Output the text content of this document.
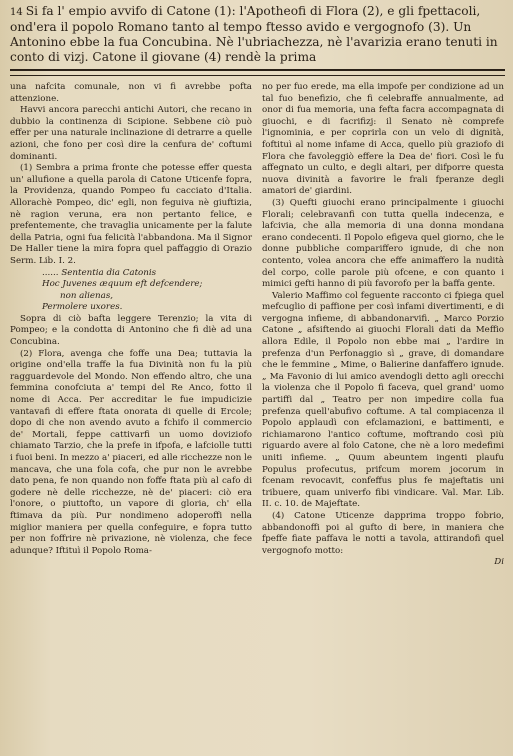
14 Si fa l' empio avvifo di Catone (1): l'Apotheofi di Flora (2), e gli fpettacoli, ond'era il popolo Romano tanto al tempo ftesso avido e vergognofo (3). Un Antonino ebbe la fua Concubina. Nè l'ubriachezza, nè l'avarizia erano tenuti in conto di vizj. Catone il giovane (4) rendè la prima

una nafcita comunale, non vi fi avrebbe pofta attenzione.

Havvi ancora parecchi antichi Autori, che recano in dubbio la continenza di Scipione. Sebbene ciò può effer per una naturale inclinazione di detrarre a quelle azioni, che fono per così dire la cenfura de' coftumi dominanti.

(1) Sembra a prima fronte che potesse effer questa un' allufione a quella parola di Catone Uticenfe fopra, la Providenza, quando Pompeo fu cacciato d'Italia. Allorachè Pompeo, dic' egli, non feguiva nè giuftizia, nè ragion veruna, era non pertanto felice, e prefentemente, che travaglia unicamente per la falute della Patria, ogni fua felicità l'abbandona. Ma il Signor De Haller tiene la mira fopra quel paffaggio di Orazio Serm. Lib. I. 2.

...... Sententia dia Catonis
Hoc Juvenes æquum eft defcendere;
non alienas,
Permolere uxores.

Sopra di ciò bafta leggere Terenzio; la vita di Pompeo; e la condotta di Antonino che fi diè ad una Concubina.

(2) Flora, avenga che foffe una Dea; tuttavia la origine ond'ella traffe la fua Divinità non fu la più ragguardevole del Mondo. Non effendo altro, che una femmina conofciuta a' tempi del Re Anco, fotto il nome di Acca. Per accreditar le fue impudicizie vantavafi di effere ftata onorata di quelle di Ercole; dopo di che non avendo avuto a fchifo il commercio de' Mortali, feppe cattivarfi un uomo doviziofo chiamato Tarzio, che la prefe in ifpofa, e lafciolle tutti i fuoi beni. In mezzo a' piaceri, ed alle ricchezze non le mancava, che una fola cofa, che pur non le avrebbe dato pena, fe non quando non foffe ftata più al cafo di godere nè delle ricchezze, nè de' piaceri: ciò era l'onore, o piuttofto, un vapore di gloria, ch' ella ftimava da più. Pur nondimeno adoperoffi nella miglior maniera per quella confeguire, e fopra tutto per non foffrire nè privazione, nè violenza, che fece adunque? Iftituì il Popolo Roma-

no per fuo erede, ma ella impofe per condizione ad un tal fuo benefizio, che fi celebraffe annualmente, ad onor di fua memoria, una fefta facra accompagnata di giuochi, e di facrifizj: il Senato nè comprefe l'ignominia, e per coprirla con un velo di dignità, foftituì al nome infame di Acca, quello più graziofo di Flora che favoleggiò effere la Dea de' fiori. Così le fu affegnato un culto, e degli altari, per difporre questa nuova divinità a favorire le frali fperanze degli amatori de' giardini.

(3) Quefti giuochi erano principalmente i giuochi Florali; celebravanfi con tutta quella indecenza, e lafcivia, che alla memoria di una donna mondana erano condecenti. Il Popolo efigeva quel giorno, che le donne pubbliche compariffero ignude, di che non contento, volea ancora che effe animaffero la nudità del corpo, colle parole più ofcene, e con quanto i mimici gefti hanno di più favorofo per la baffa gente.

Valerio Maffimo col feguente racconto ci fpiega quel mefcuglio di paffione per così infami divertimenti, e di vergogna infieme, di abbandonarvifi. „ Marco Porzio Catone „ afsiftendo ai giuochi Florali dati da Meffio allora Edile, il Popolo non ebbe mai „ l'ardire in prefenza d'un Perfonaggio sì „ grave, di domandare che le femmine „ Mime, o Balierine danfaffero ignude. „ Ma Favonio di lui amico avendogli detto agli orecchi la violenza che il Popolo fi faceva, quel grand' uomo partiffi dal „ Teatro per non impedire colla fua prefenza quell'abufivo coftume. A tal compiacenza il Popolo applaudì con efclamazioni, e battimenti, e richiamarono l'antico coftume, moftrando così più riguardo avere al folo Catone, che nè a loro medefimi uniti infieme. „ Quum abeuntem ingenti plaufu Populus profecutus, prifcum morem jocorum in fcenam revocavit, confeffus plus fe majeftatis uni tribuere, quam univerfo fibi vindicare. Val. Mar. Lib. II. c. 10. de Majeftate.

(4) Catone Uticenze dapprima troppo fobrio, abbandonoffi poi al gufto di bere, in maniera che fpeffe fiate paffava le notti a tavola, attirandofi quel vergognofo motto:

Di
